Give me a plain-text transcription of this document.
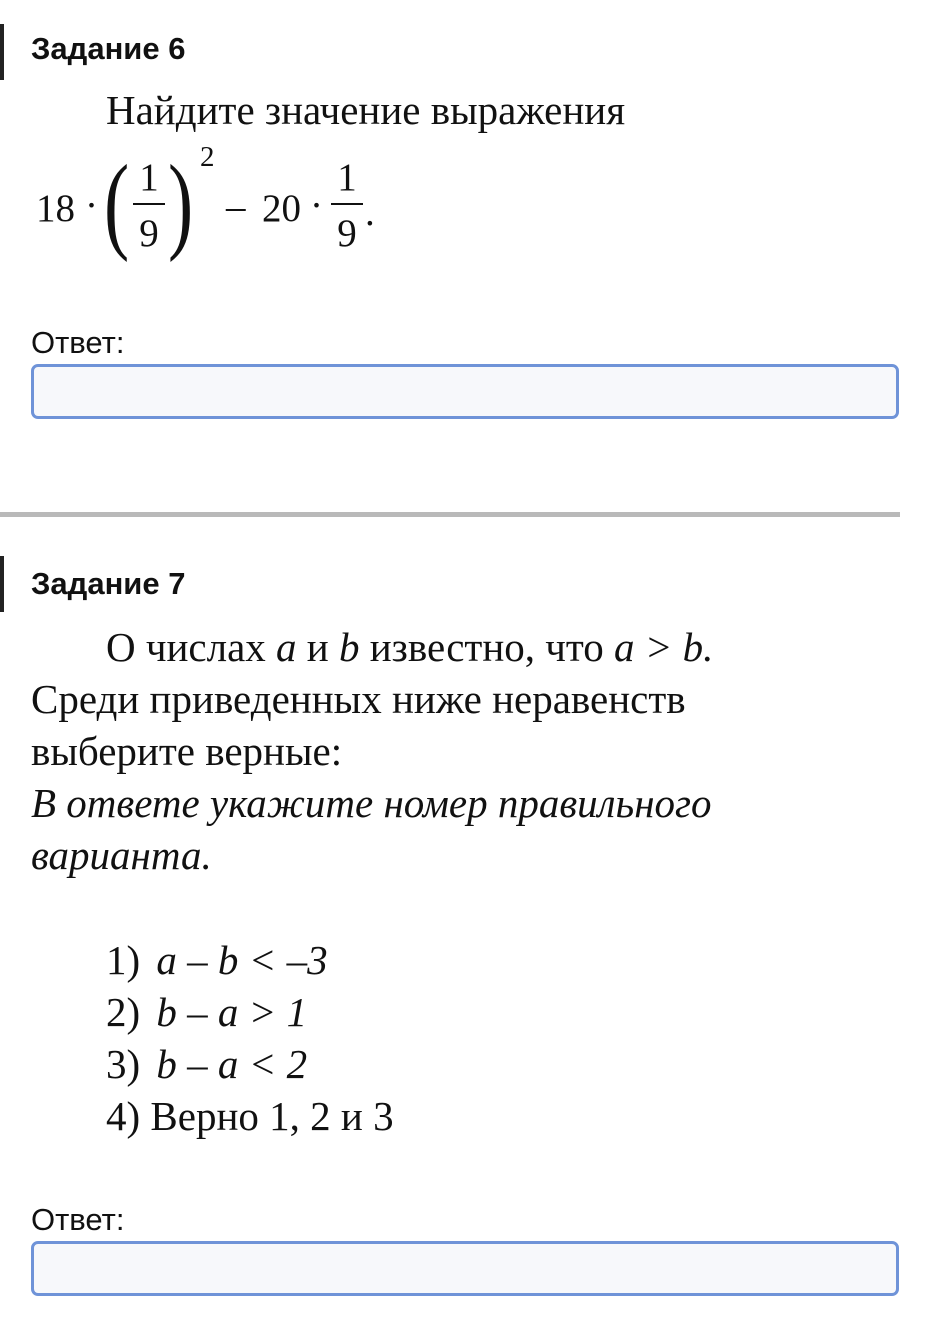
Задание 6
Найдите значение выражения
18 · ( 1
9 ) 2
– 20 ·
1
9 .
Ответ:
Задание 7
О числах a и b известно, что a > b.
Среди приведенных ниже неравенств
выберите верные:
В ответе укажите номер правильного
варианта.
1) a – b < –3
2) b – a > 1
3) b – a < 2
4) Верно 1, 2 и 3
Ответ:
